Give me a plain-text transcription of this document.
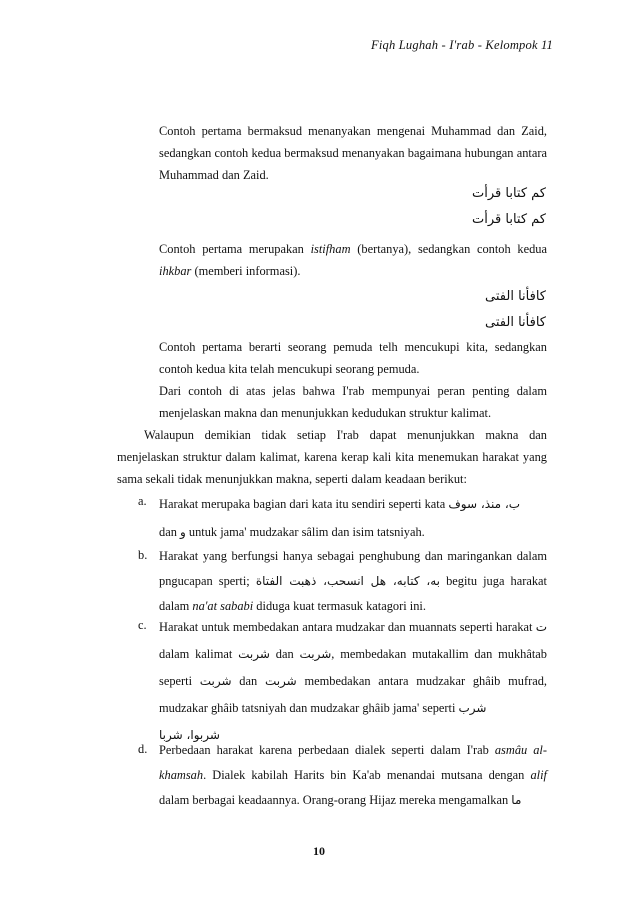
Fiqh Lughah - I'rab - Kelompok 11
Contoh pertama bermaksud menanyakan mengenai Muhammad dan Zaid, sedangkan contoh kedua bermaksud menanyakan bagaimana hubungan antara Muhammad dan Zaid.
كم كتابا قرأت
كم كتابا قرأت
Contoh pertama merupakan istifham (bertanya), sedangkan contoh kedua ihkbar (memberi informasi).
كافأنا الفتى
كافأنا الفتى
Contoh pertama berarti seorang pemuda telh mencukupi kita, sedangkan contoh kedua kita telah mencukupi seorang pemuda.
Dari contoh di atas jelas bahwa I'rab mempunyai peran penting dalam menjelaskan makna dan menunjukkan kedudukan struktur kalimat.
Walaupun demikian tidak setiap I'rab dapat menunjukkan makna dan menjelaskan struktur dalam kalimat, karena kerap kali kita menemukan harakat yang sama sekali tidak menunjukkan makna, seperti dalam keadaan berikut:
a. Harakat merupaka bagian dari kata itu sendiri seperti kata ب، منذ، سوف
dan و untuk jama' mudzakar sâlim dan isim tatsniyah.
b. Harakat yang berfungsi hanya sebagai penghubung dan maringankan dalam pngucapan sperti; به، كتابه، هل انسحب، ذهبت الفتاة begitu juga harakat dalam na'at sababi diduga kuat termasuk katagori ini.
c. Harakat untuk membedakan antara mudzakar dan muannats seperti harakat ت dalam kalimat شربت dan شربت, membedakan mutakallim dan mukhâtab seperti شربت dan شربت membedakan antara mudzakar ghâib mufrad, mudzakar ghâib tatsniyah dan mudzakar ghâib jama' seperti شرب
شربوا، شربا
d. Perbedaan harakat karena perbedaan dialek seperti dalam I'rab asmâu al-khamsah. Dialek kabilah Harits bin Ka'ab menandai mutsana dengan alif dalam berbagai keadaannya. Orang-orang Hijaz mereka mengamalkan ما
10
